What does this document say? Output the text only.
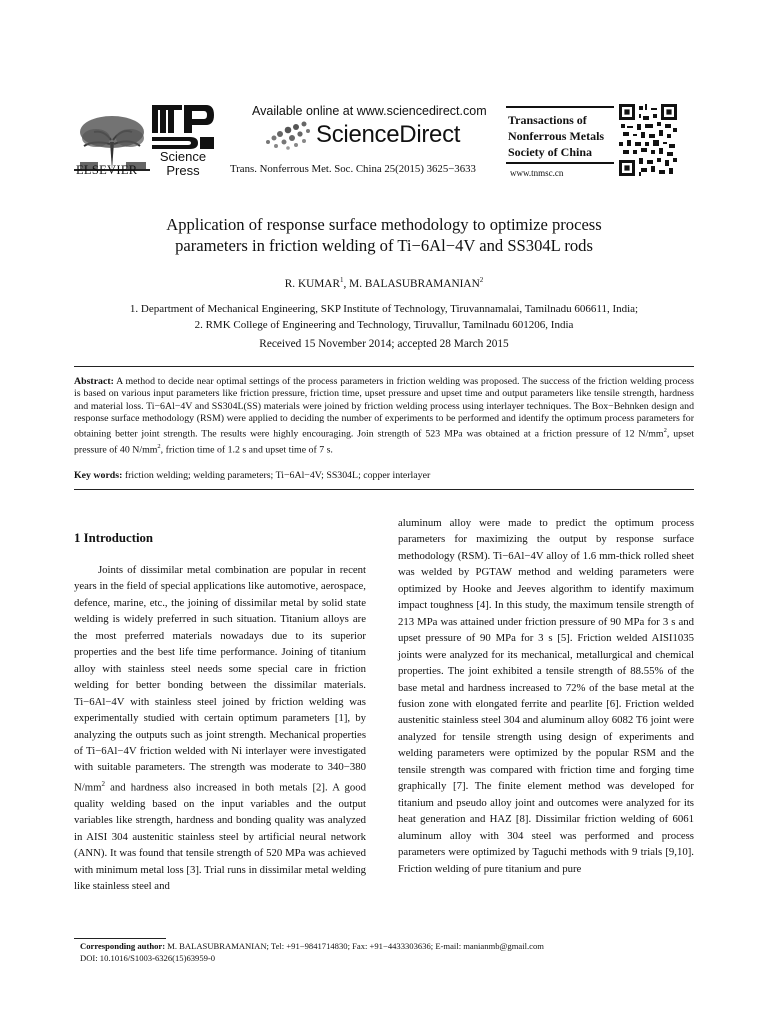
ELSEVIER
Science
Press
Available online at www.sciencedirect.com
ScienceDirect
Trans. Nonferrous Met. Soc. China 25(2015) 3625−3633
Transactions of
Nonferrous Metals
Society of China
www.tnmsc.cn
Application of response surface methodology to optimize process
parameters in friction welding of Ti−6Al−4V and SS304L rods
R. KUMAR$^1$, M. BALASUBRAMANIAN$^2$
1. Department of Mechanical Engineering, SKP Institute of Technology, Tiruvannamalai, Tamilnadu 606611, India;
2. RMK College of Engineering and Technology, Tiruvallur, Tamilnadu 601206, India
Received 15 November 2014; accepted 28 March 2015
Abstract: A method to decide near optimal settings of the process parameters in friction welding was proposed. The success of the friction welding process is based on various input parameters like friction pressure, friction time, upset pressure and upset time and output parameters like tensile strength, hardness and material loss. Ti−6Al−4V and SS304L(SS) materials were joined by friction welding process using interlayer techniques. The Box−Behnken design and response surface methodology (RSM) were applied to deciding the number of experiments to be performed and identify the optimum process parameters for obtaining better joint strength. The results were highly encouraging. Join strength of 523 MPa was obtained at a friction pressure of 12 $N/mm^2$, upset pressure of 40 $N/mm^2$, friction time of 1.2 s and upset time of 7 s.
Key words: friction welding; welding parameters; Ti−6Al−4V; SS304L; copper interlayer
1 Introduction

Joints of dissimilar metal combination are popular in recent years in the field of special applications like automotive, aerospace, defence, marine, etc., the joining of dissimilar metal by solid state welding is widely preferred in such situation. Titanium alloys are the most preferred materials nowadays due to its superior properties and the best life time performance. Joining of titanium alloy with stainless steel needs some special care in friction welding for better bonding between the dissimilar materials. Ti−6Al−4V with stainless steel joined by friction welding was experimentally studied with certain optimum parameters [1], by analyzing the outputs such as joint strength. Mechanical properties of Ti−6Al−4V friction welded with Ni interlayer were investigated with suitable parameters. The strength was moderate to 340−380 $N/mm^2$ and hardness also increased in both metals [2]. A good quality welding based on the input variables and the output variables like strength, hardness and bonding quality was analyzed in AISI 304 austenitic stainless steel by artificial neural network (ANN). It was found that tensile strength of 520 MPa was achieved with minimum metal loss [3]. Trial runs in dissimilar metal welding like stainless steel and

aluminum alloy were made to predict the optimum process parameters for maximizing the output by response surface methodology (RSM). Ti−6Al−4V alloy of 1.6 mm-thick rolled sheet was welded by PGTAW method and welding parameters were optimized by Hooke and Jeeves algorithm to identify maximum impact toughness [4]. In this study, the maximum tensile strength of 213 MPa was attained under friction pressure of 90 MPa for 3 s and upset pressure of 90 MPa for 3 s [5]. Friction welded AISI1035 joints were analyzed for its mechanical, metallurgical and chemical properties. The joint exhibited a tensile strength of 88.55% of the base metal and hardness increased to 72% of the base metal at the fusion zone with elongated ferrite and pearlite [6]. Friction welded austenitic stainless steel 304 and aluminum alloy 6082 T6 joint were analyzed for tensile strength using design of experiments and welding parameters were optimized by the popular RSM and the tensile strength was compared with friction time and forging time graphically [7]. The finite element method was developed for titanium and pseudo alloy joint and outcomes were analyzed for its heat generation and HAZ [8]. Dissimilar friction welding of 6061 aluminum alloy with 304 steel was performed and process parameters were optimized by Taguchi methods with 9 trials [9,10]. Friction welding of pure titanium and pure

Corresponding author: M. BALASUBRAMANIAN; Tel: +91−9841714830; Fax: +91−4433303636; E-mail: manianmb@gmail.com
DOI: 10.1016/S1003-6326(15)63959-0
